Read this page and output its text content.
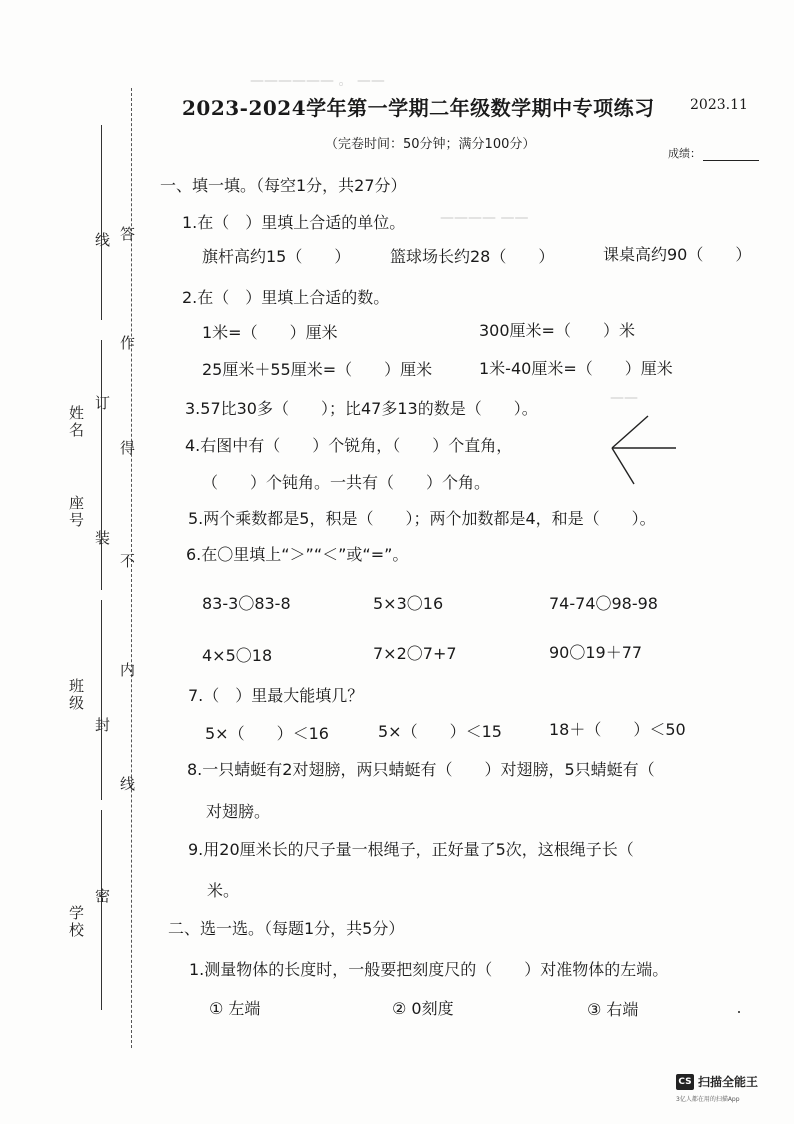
—————— 。 ——
———— ——
——
学校
班级
座号
姓名
密
封
装
订
线
线
内
不
得
作
答
2023-2024学年第一学期二年级数学期中专项练习	2023.11
（完卷时间：50分钟；满分100分）
成绩：
一、填一填。（每空1分，共27分）
1.在（　）里填上合适的单位。
旗杆高约15（　　） 篮球场长约28（　　）	课桌高约90（　　）
2.在（　）里填上合适的数。
1米=（　　）厘米	300厘米=（　　）米
25厘米＋55厘米=（　　）厘米	1米-40厘米=（　　）厘米
3.57比30多（　　）；比47多13的数是（　　）。
4.右图中有（　　）个锐角，（　　）个直角，
（　　）个钝角。一共有（　　）个角。
5.两个乘数都是5，积是（　　）；两个加数都是4，和是（　　）。
6.在〇里填上“＞”“＜”或“=”。
83-3〇83-8	5×3〇16	74-74〇98-98
4×5〇18	7×2〇7+7	90〇19＋77
7.（　）里最大能填几？
5×（　　）＜16	5×（　　）＜15	18＋（　　）＜50
8.一只蜻蜓有2对翅膀，两只蜻蜓有（　　）对翅膀，5只蜻蜓有（
对翅膀。
9.用20厘米长的尺子量一根绳子，正好量了5次，这根绳子长（
米。
二、选一选。（每题1分，共5分）
1.测量物体的长度时，一般要把刻度尺的（　　）对准物体的左端。
① 左端	② 0刻度	③ 右端
CS 扫描全能王
3亿人都在用的扫描App
